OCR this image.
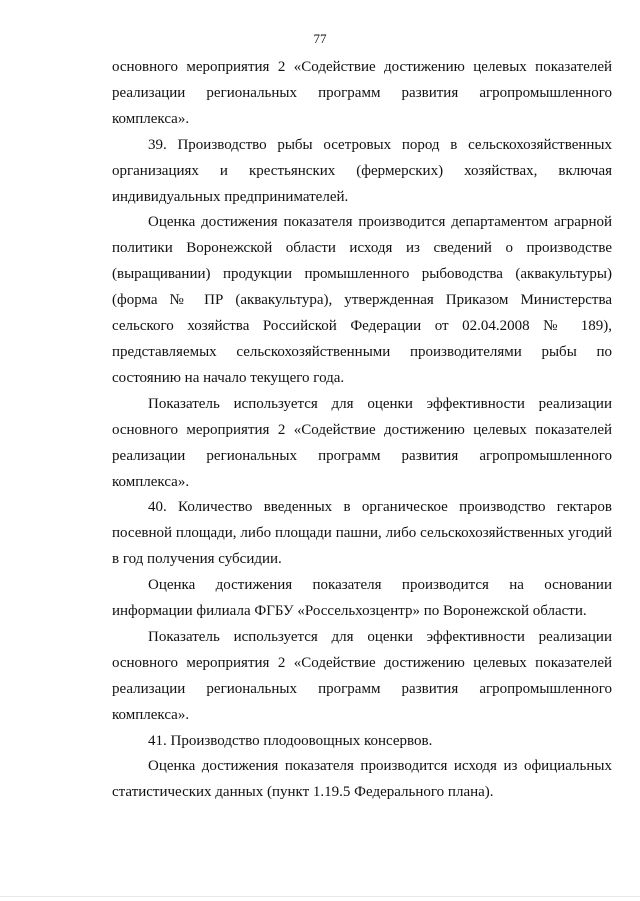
77

основного мероприятия 2 «Содействие достижению целевых показателей
реализации региональных программ развития агропромышленного
комплекса».

39. Производство рыбы осетровых пород в сельскохозяйственных
организациях и крестьянских (фермерских) хозяйствах, включая
индивидуальных предпринимателей.

Оценка достижения показателя производится департаментом аграрной
политики Воронежской области исходя из сведений о производстве
(выращивании) продукции промышленного рыбоводства (аквакультуры)
(форма № ПР (аквакультура), утвержденная Приказом Министерства
сельского хозяйства Российской Федерации от 02.04.2008 № 189),
представляемых сельскохозяйственными производителями рыбы по
состоянию на начало текущего года.

Показатель используется для оценки эффективности реализации
основного мероприятия 2 «Содействие достижению целевых показателей
реализации региональных программ развития агропромышленного
комплекса».

40. Количество введенных в органическое производство гектаров
посевной площади, либо площади пашни, либо сельскохозяйственных угодий
в год получения субсидии.

Оценка достижения показателя производится на основании
информации филиала ФГБУ «Россельхозцентр» по Воронежской области.

Показатель используется для оценки эффективности реализации
основного мероприятия 2 «Содействие достижению целевых показателей
реализации региональных программ развития агропромышленного
комплекса».

41. Производство плодоовощных консервов.

Оценка достижения показателя производится исходя из официальных
статистических данных (пункт 1.19.5 Федерального плана).
